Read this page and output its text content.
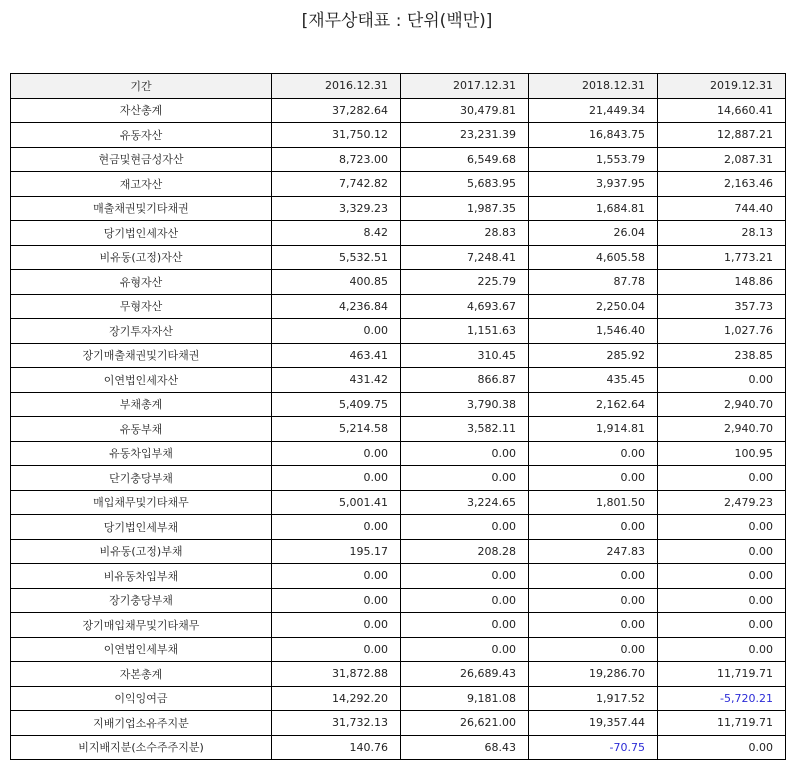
[재무상태표 : 단위(백만)]
기간	2016.12.31	2017.12.31	2018.12.31	2019.12.31
자산총계	37,282.64	30,479.81	21,449.34	14,660.41
유동자산	31,750.12	23,231.39	16,843.75	12,887.21
현금및현금성자산	8,723.00	6,549.68	1,553.79	2,087.31
재고자산	7,742.82	5,683.95	3,937.95	2,163.46
매출채권및기타채권	3,329.23	1,987.35	1,684.81	744.40
당기법인세자산	8.42	28.83	26.04	28.13
비유동(고정)자산	5,532.51	7,248.41	4,605.58	1,773.21
유형자산	400.85	225.79	87.78	148.86
무형자산	4,236.84	4,693.67	2,250.04	357.73
장기투자자산	0.00	1,151.63	1,546.40	1,027.76
장기매출채권및기타채권	463.41	310.45	285.92	238.85
이연법인세자산	431.42	866.87	435.45	0.00
부채총계	5,409.75	3,790.38	2,162.64	2,940.70
유동부채	5,214.58	3,582.11	1,914.81	2,940.70
유동차입부채	0.00	0.00	0.00	100.95
단기충당부채	0.00	0.00	0.00	0.00
매입채무및기타채무	5,001.41	3,224.65	1,801.50	2,479.23
당기법인세부채	0.00	0.00	0.00	0.00
비유동(고정)부채	195.17	208.28	247.83	0.00
비유동차입부채	0.00	0.00	0.00	0.00
장기충당부채	0.00	0.00	0.00	0.00
장기매입채무및기타채무	0.00	0.00	0.00	0.00
이연법인세부채	0.00	0.00	0.00	0.00
자본총계	31,872.88	26,689.43	19,286.70	11,719.71
이익잉여금	14,292.20	9,181.08	1,917.52	-5,720.21
지배기업소유주지분	31,732.13	26,621.00	19,357.44	11,719.71
비지배지분(소수주주지분)	140.76	68.43	-70.75	0.00
